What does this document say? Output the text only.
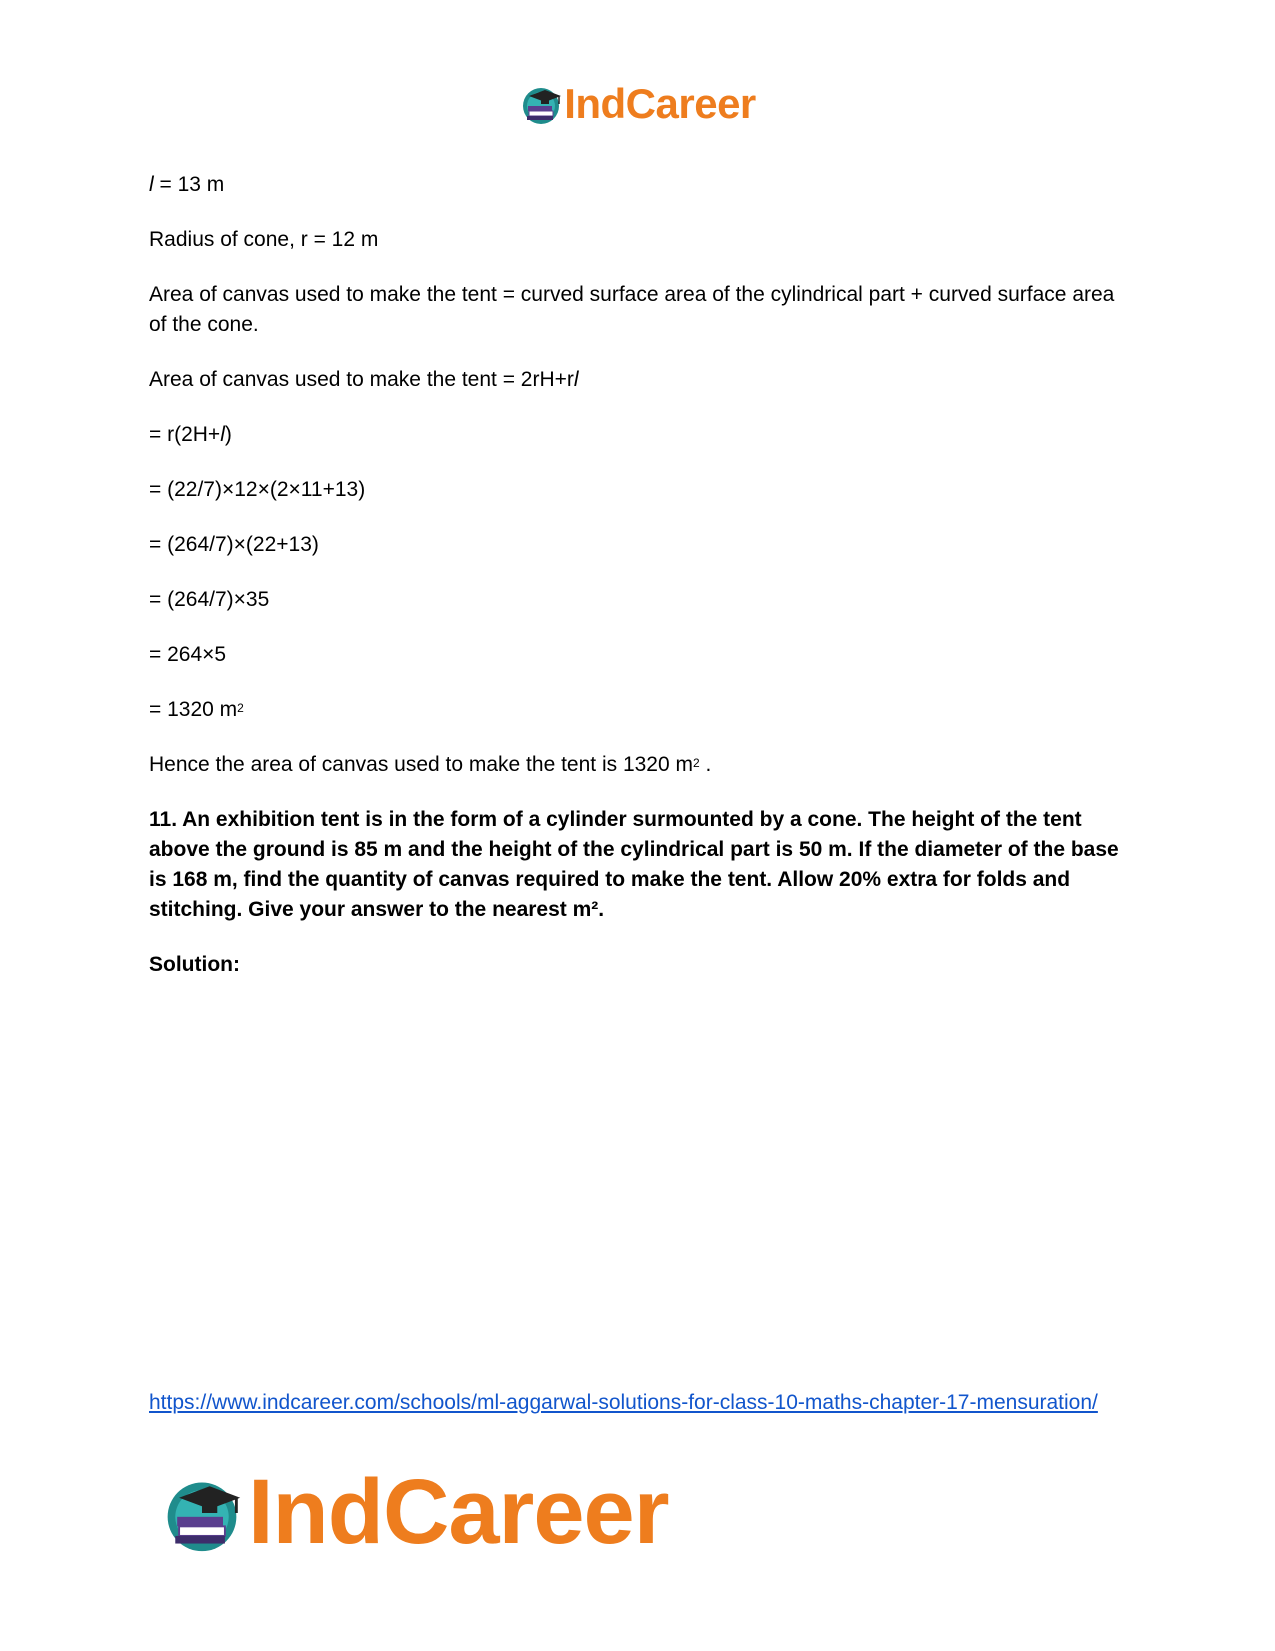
IndCareer

l = 13 m

Radius of cone, r = 12 m

Area of canvas used to make the tent = curved surface area of the cylindrical part + curved surface area of the cone.

Area of canvas used to make the tent = 2rH+rl

= r(2H+l)

= (22/7)×12×(2×11+13)

= (264/7)×(22+13)

= (264/7)×35

= 264×5

= 1320 $m^2$

Hence the area of canvas used to make the tent is 1320 $m^2$ .

11. An exhibition tent is in the form of a cylinder surmounted by a cone. The height of the tent above the ground is 85 m and the height of the cylindrical part is 50 m. If the diameter of the base is 168 m, find the quantity of canvas required to make the tent. Allow 20% extra for folds and stitching. Give your answer to the nearest m².

Solution:

https://www.indcareer.com/schools/ml-aggarwal-solutions-for-class-10-maths-chapter-17-mensuration/
IndCareer
